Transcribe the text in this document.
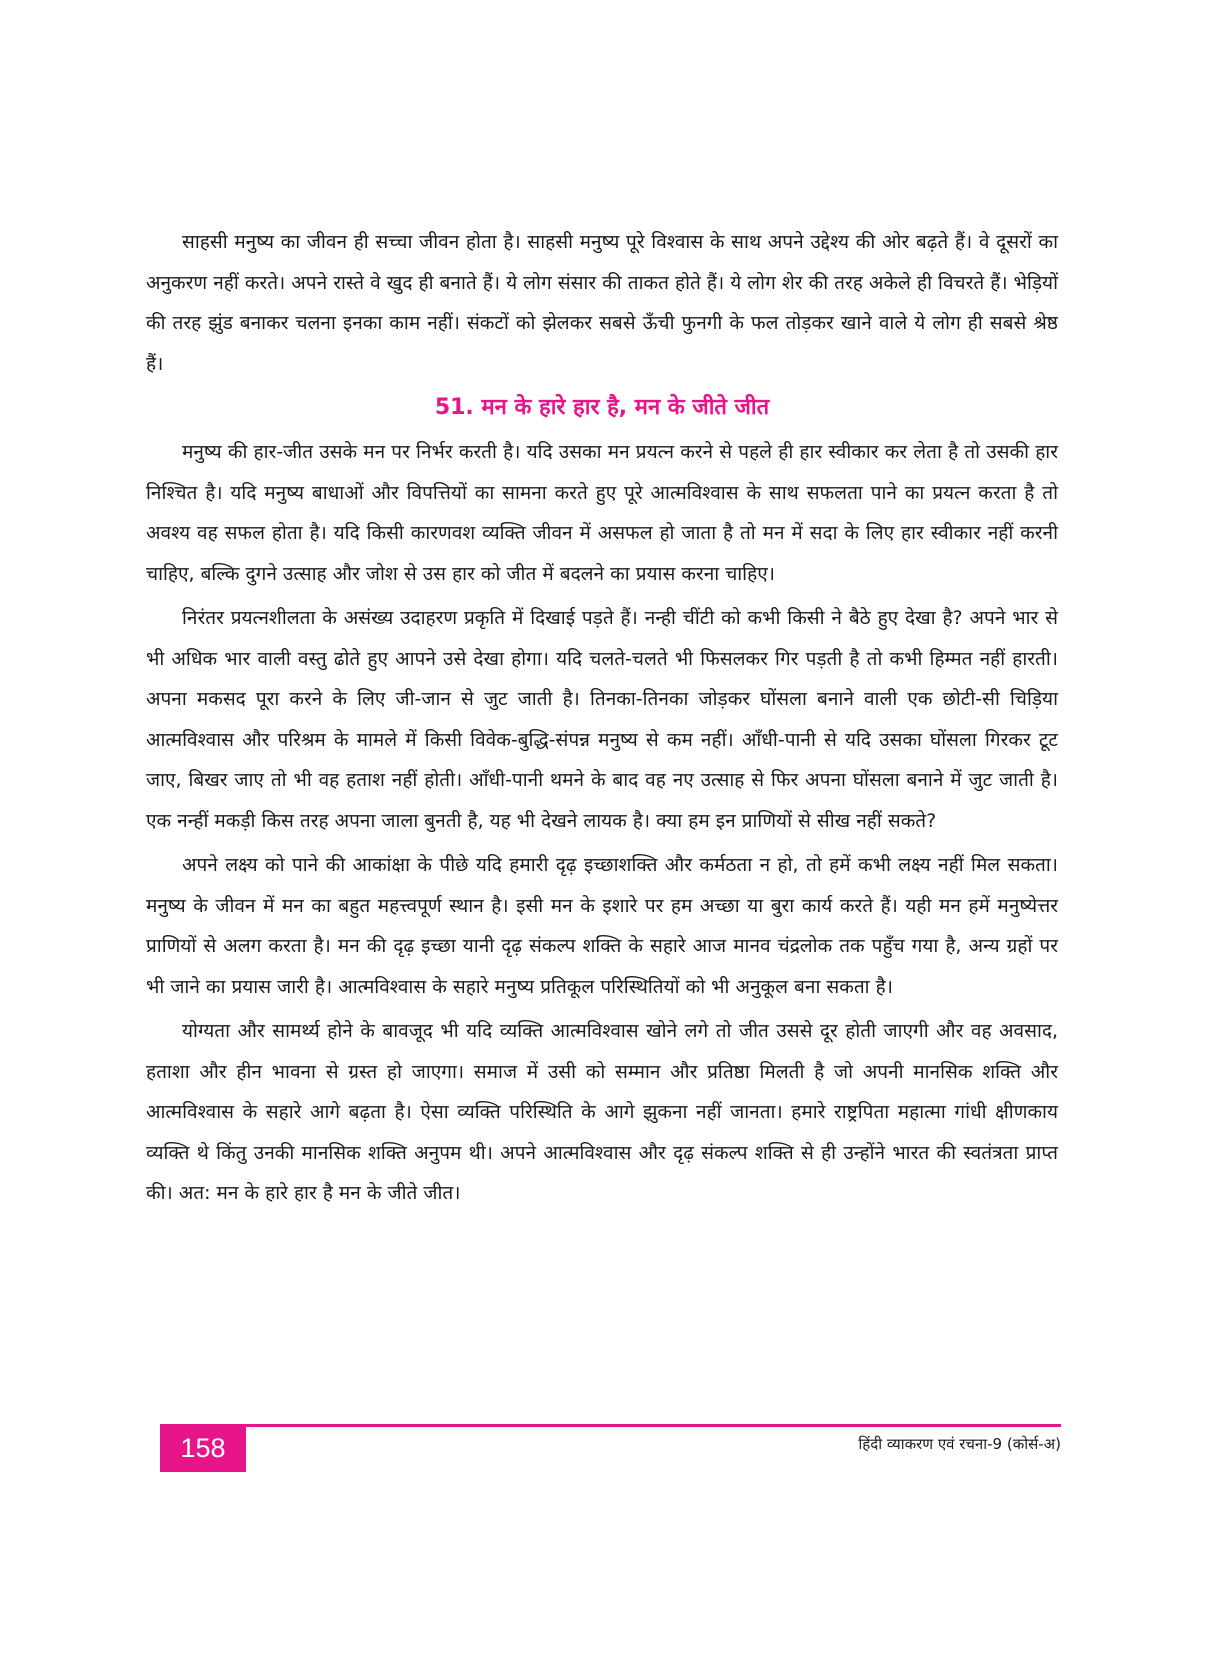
साहसी मनुष्य का जीवन ही सच्चा जीवन होता है। साहसी मनुष्य पूरे विश्वास के साथ अपने उद्देश्य की ओर बढ़ते हैं। वे दूसरों का अनुकरण नहीं करते। अपने रास्ते वे खुद ही बनाते हैं। ये लोग संसार की ताकत होते हैं। ये लोग शेर की तरह अकेले ही विचरते हैं। भेड़ियों की तरह झुंड बनाकर चलना इनका काम नहीं। संकटों को झेलकर सबसे ऊँची फुनगी के फल तोड़कर खाने वाले ये लोग ही सबसे श्रेष्ठ हैं।

51. मन के हारे हार है, मन के जीते जीत

मनुष्य की हार-जीत उसके मन पर निर्भर करती है। यदि उसका मन प्रयत्न करने से पहले ही हार स्वीकार कर लेता है तो उसकी हार निश्चित है। यदि मनुष्य बाधाओं और विपत्तियों का सामना करते हुए पूरे आत्मविश्वास के साथ सफलता पाने का प्रयत्न करता है तो अवश्य वह सफल होता है। यदि किसी कारणवश व्यक्ति जीवन में असफल हो जाता है तो मन में सदा के लिए हार स्वीकार नहीं करनी चाहिए, बल्कि दुगने उत्साह और जोश से उस हार को जीत में बदलने का प्रयास करना चाहिए।

निरंतर प्रयत्नशीलता के असंख्य उदाहरण प्रकृति में दिखाई पड़ते हैं। नन्ही चींटी को कभी किसी ने बैठे हुए देखा है? अपने भार से भी अधिक भार वाली वस्तु ढोते हुए आपने उसे देखा होगा। यदि चलते-चलते भी फिसलकर गिर पड़ती है तो कभी हिम्मत नहीं हारती। अपना मकसद पूरा करने के लिए जी-जान से जुट जाती है। तिनका-तिनका जोड़कर घोंसला बनाने वाली एक छोटी-सी चिड़िया आत्मविश्वास और परिश्रम के मामले में किसी विवेक-बुद्धि-संपन्न मनुष्य से कम नहीं। आँधी-पानी से यदि उसका घोंसला गिरकर टूट जाए, बिखर जाए तो भी वह हताश नहीं होती। आँधी-पानी थमने के बाद वह नए उत्साह से फिर अपना घोंसला बनाने में जुट जाती है। एक नन्हीं मकड़ी किस तरह अपना जाला बुनती है, यह भी देखने लायक है। क्या हम इन प्राणियों से सीख नहीं सकते?

अपने लक्ष्य को पाने की आकांक्षा के पीछे यदि हमारी दृढ़ इच्छाशक्ति और कर्मठता न हो, तो हमें कभी लक्ष्य नहीं मिल सकता। मनुष्य के जीवन में मन का बहुत महत्त्वपूर्ण स्थान है। इसी मन के इशारे पर हम अच्छा या बुरा कार्य करते हैं। यही मन हमें मनुष्येत्तर प्राणियों से अलग करता है। मन की दृढ़ इच्छा यानी दृढ़ संकल्प शक्ति के सहारे आज मानव चंद्रलोक तक पहुँच गया है, अन्य ग्रहों पर भी जाने का प्रयास जारी है। आत्मविश्वास के सहारे मनुष्य प्रतिकूल परिस्थितियों को भी अनुकूल बना सकता है।

योग्यता और सामर्थ्य होने के बावजूद भी यदि व्यक्ति आत्मविश्वास खोने लगे तो जीत उससे दूर होती जाएगी और वह अवसाद, हताशा और हीन भावना से ग्रस्त हो जाएगा। समाज में उसी को सम्मान और प्रतिष्ठा मिलती है जो अपनी मानसिक शक्ति और आत्मविश्वास के सहारे आगे बढ़ता है। ऐसा व्यक्ति परिस्थिति के आगे झुकना नहीं जानता। हमारे राष्ट्रपिता महात्मा गांधी क्षीणकाय व्यक्ति थे किंतु उनकी मानसिक शक्ति अनुपम थी। अपने आत्मविश्वास और दृढ़ संकल्प शक्ति से ही उन्होंने भारत की स्वतंत्रता प्राप्त की। अत: मन के हारे हार है मन के जीते जीत।

158	हिंदी व्याकरण एवं रचना-9 (कोर्स-अ)
